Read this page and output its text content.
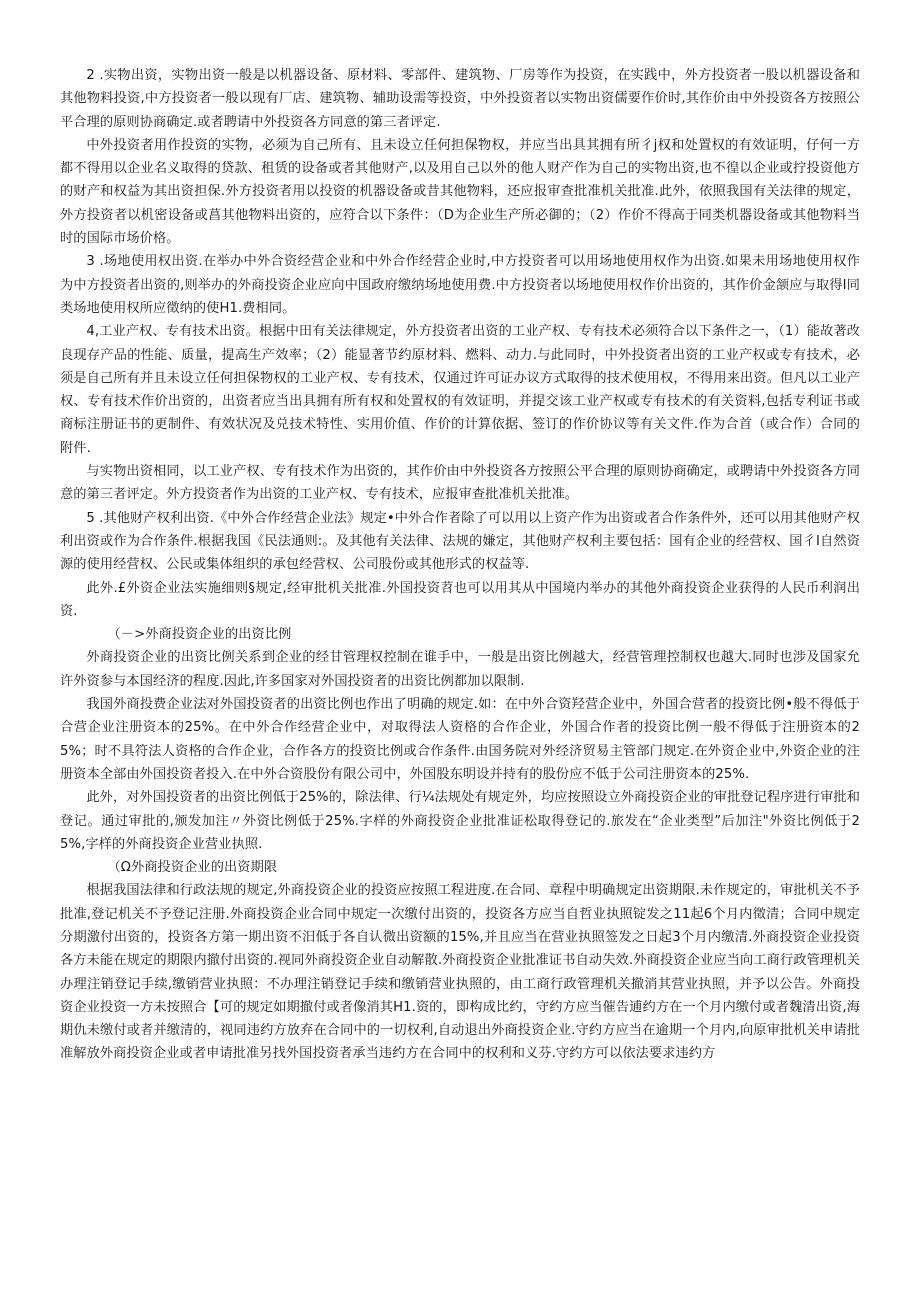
2 .实物出资，实物出资一般是以机器设备、原材料、零部件、建筑物、厂房等作为投资，在实践中，外方投资者一股以机器设备和其他物料投资,中方投资者一般以现有厂店、建筑物、辅助设需等投资，中外投资者以实物出资儒要作价时,其作价由中外投资各方按照公平合理的原则协商确定.或者聘请中外投资各方同意的第三者评定.

中外投资者用作投资的实物，必须为自己所有、且未设立任何担保物权，并应当出具其拥有所彳j权和处置权的有效证明，仔何一方都不得用以企业名义取得的贷款、租赁的设备或者其他财产,以及用自己以外的他人财产作为自己的实物出资,也不徨以企业或拧投资他方的财产和权益为其出资担保.外方投资者用以投资的机器设备或昔其他物料，还应报审查批准机关批准.此外，依照我国有关法律的规定，外方投资者以机密设备或菖其他物料出资的，应符合以下条件：（D为企业生产所必御的；（2）作价不得高于同类机器设备或其他物料当时的国际市场价格。

3 .场地使用权出资.在举办中外合资经营企业和中外合作经营企业时,中方投资者可以用场地使用权作为出资.如果未用场地使用权作为中方投资者出资的,则举办的外商投资企业应向中国政府缴纳场地使用费.中方投资者以场地使用权作价出资的，其作价金颔应与取得I同类场地使用权所应徵纳的使H1.费相同。

4,工业产权、专有技术出资。根据中田有关法律规定，外方投资者出资的工业产权、专有技术必须符合以下条件之一，（1）能故著改良现存产品的性能、质量，提高生产效率；（2）能显著节约原材料、燃料、动力.与此同时，中外投资者出资的工业产权或专有技术，必须是自己所有并且未设立任何担保物权的工业产权、专有技术，仅通过许可证办议方式取得的技术使用权，不得用来出资。但凡以工业产权、专有技术作价出资的，出资者应当出具拥有所有权和处置权的有效证明，并提交该工业产权或专有技术的有关资料,包括专利证书或商标注册证书的更制件、有效状况及兑技术特性、实用价值、作价的计算依据、签订的作价协议等有关文件.作为合首（或合作）合同的附件.

与实物出资相同，以工业产权、专有技术作为出资的，其作价由中外投资各方按照公平合理的原则协商确定，或聘请中外投资各方同意的第三者评定。外方投资者作为出资的工业产权、专有技术，应报审查批准机关批准。

5 .其他财产权利出资.《中外合作经营企业法》规定•中外合作者除了可以用以上资产作为出资或者合作条件外，还可以用其他财产权利出资或作为合作条件.根据我国《民法通则:。及其他有关法律、法规的嫌定，其他财产权利主要包括：国有企业的经营权、国彳I自然资源的使用经营权、公民或集体组织的承包经营权、公司股份或其他形式的权益等.

此外.£外资企业法实施细则§规定,经审批机关批准.外国投资苕也可以用其从中国境内举办的其他外商投资企业获得的人民币利润出资.

（－>外商投资企业的出资比例

外商投资企业的出资比例关系到企业的经甘管理权控制在谁手中，一般是出资比例越大，经营管理控制权也越大.同时也涉及国家允许外资参与本国经济的程度.因此,许多国家对外国投资者的出资比例都加以限制.

我国外商投费企业法对外国投资者的出资比例也作出了明确的规定.如：在中外合资羟营企业中，外国合营者的投资比例•般不得低于合营企业注册资本的25%。在中外合作经营企业中，对取得法人资格的合作企业，外国合作者的投资比例一般不得低于注册资本的25%；时不具符法人资格的合作企业，合作各方的投资比例或合作条件.由国务院对外经济贸易主管部门规定.在外资企业中,外资企业的注册资本全部由外国投资者投入.在中外合资股份有限公司中，外国股东明设并持有的股份应不低于公司注册资本的25%.

此外，对外国投资者的出资比例低于25%的，除法律、行¼法规处有规定外，均应按照设立外商投资企业的审批登记程序进行审批和登记。通过审批的,颁发加注〃外资比例低于25%.字样的外商投资企业批准证松取得登记的.旅发在“企业类型”后加注"外资比例低于25%,字样的外商投资企业营业执照.

（Ω外商投资企业的出资期限

根据我国法律和行政法规的规定,外商投资企业的投资应按照工程进度.在合同、章程中明确规定出资期限.未作规定的，审批机关不予批准,登记机关不予登记注册.外商投资企业合同中规定一次缴付出资的，投资各方应当自哲业执照锭发之11起6个月内徵清；合同中规定分期激付出资的，投资各方第一期出资不汨低于各自认微出资额的15%,并且应当在营业执照签发之日起3个月内缴清.外商投资企业投资各方未能在规定的期限内撤付出资的.视同外商投资企业自动解散.外商投资企业批准证书自动失效.外商投资企业应当向工商行政管理机关办理注销登记手续,缴销营业执照：不办理注销登记手续和缴销营业执照的，由工商行政管理机关撤消其营业执照，并予以公告。外商投资企业投资一方未按照合【可的规定如期撤付或者像消其H1.资的，即构成比约，守约方应当催告逋约方在一个月内缴付或者魏清出资,海期仇未缴付或者并缴清的，视同违约方放弃在合同中的一切权利,自动退出外商投资企业.守约方应当在逾期一个月内,向原审批机关申请批准解放外商投资企业或者申请批准另找外国投资者承当违约方在合同中的权利和义芬.守约方可以依法要求违约方
